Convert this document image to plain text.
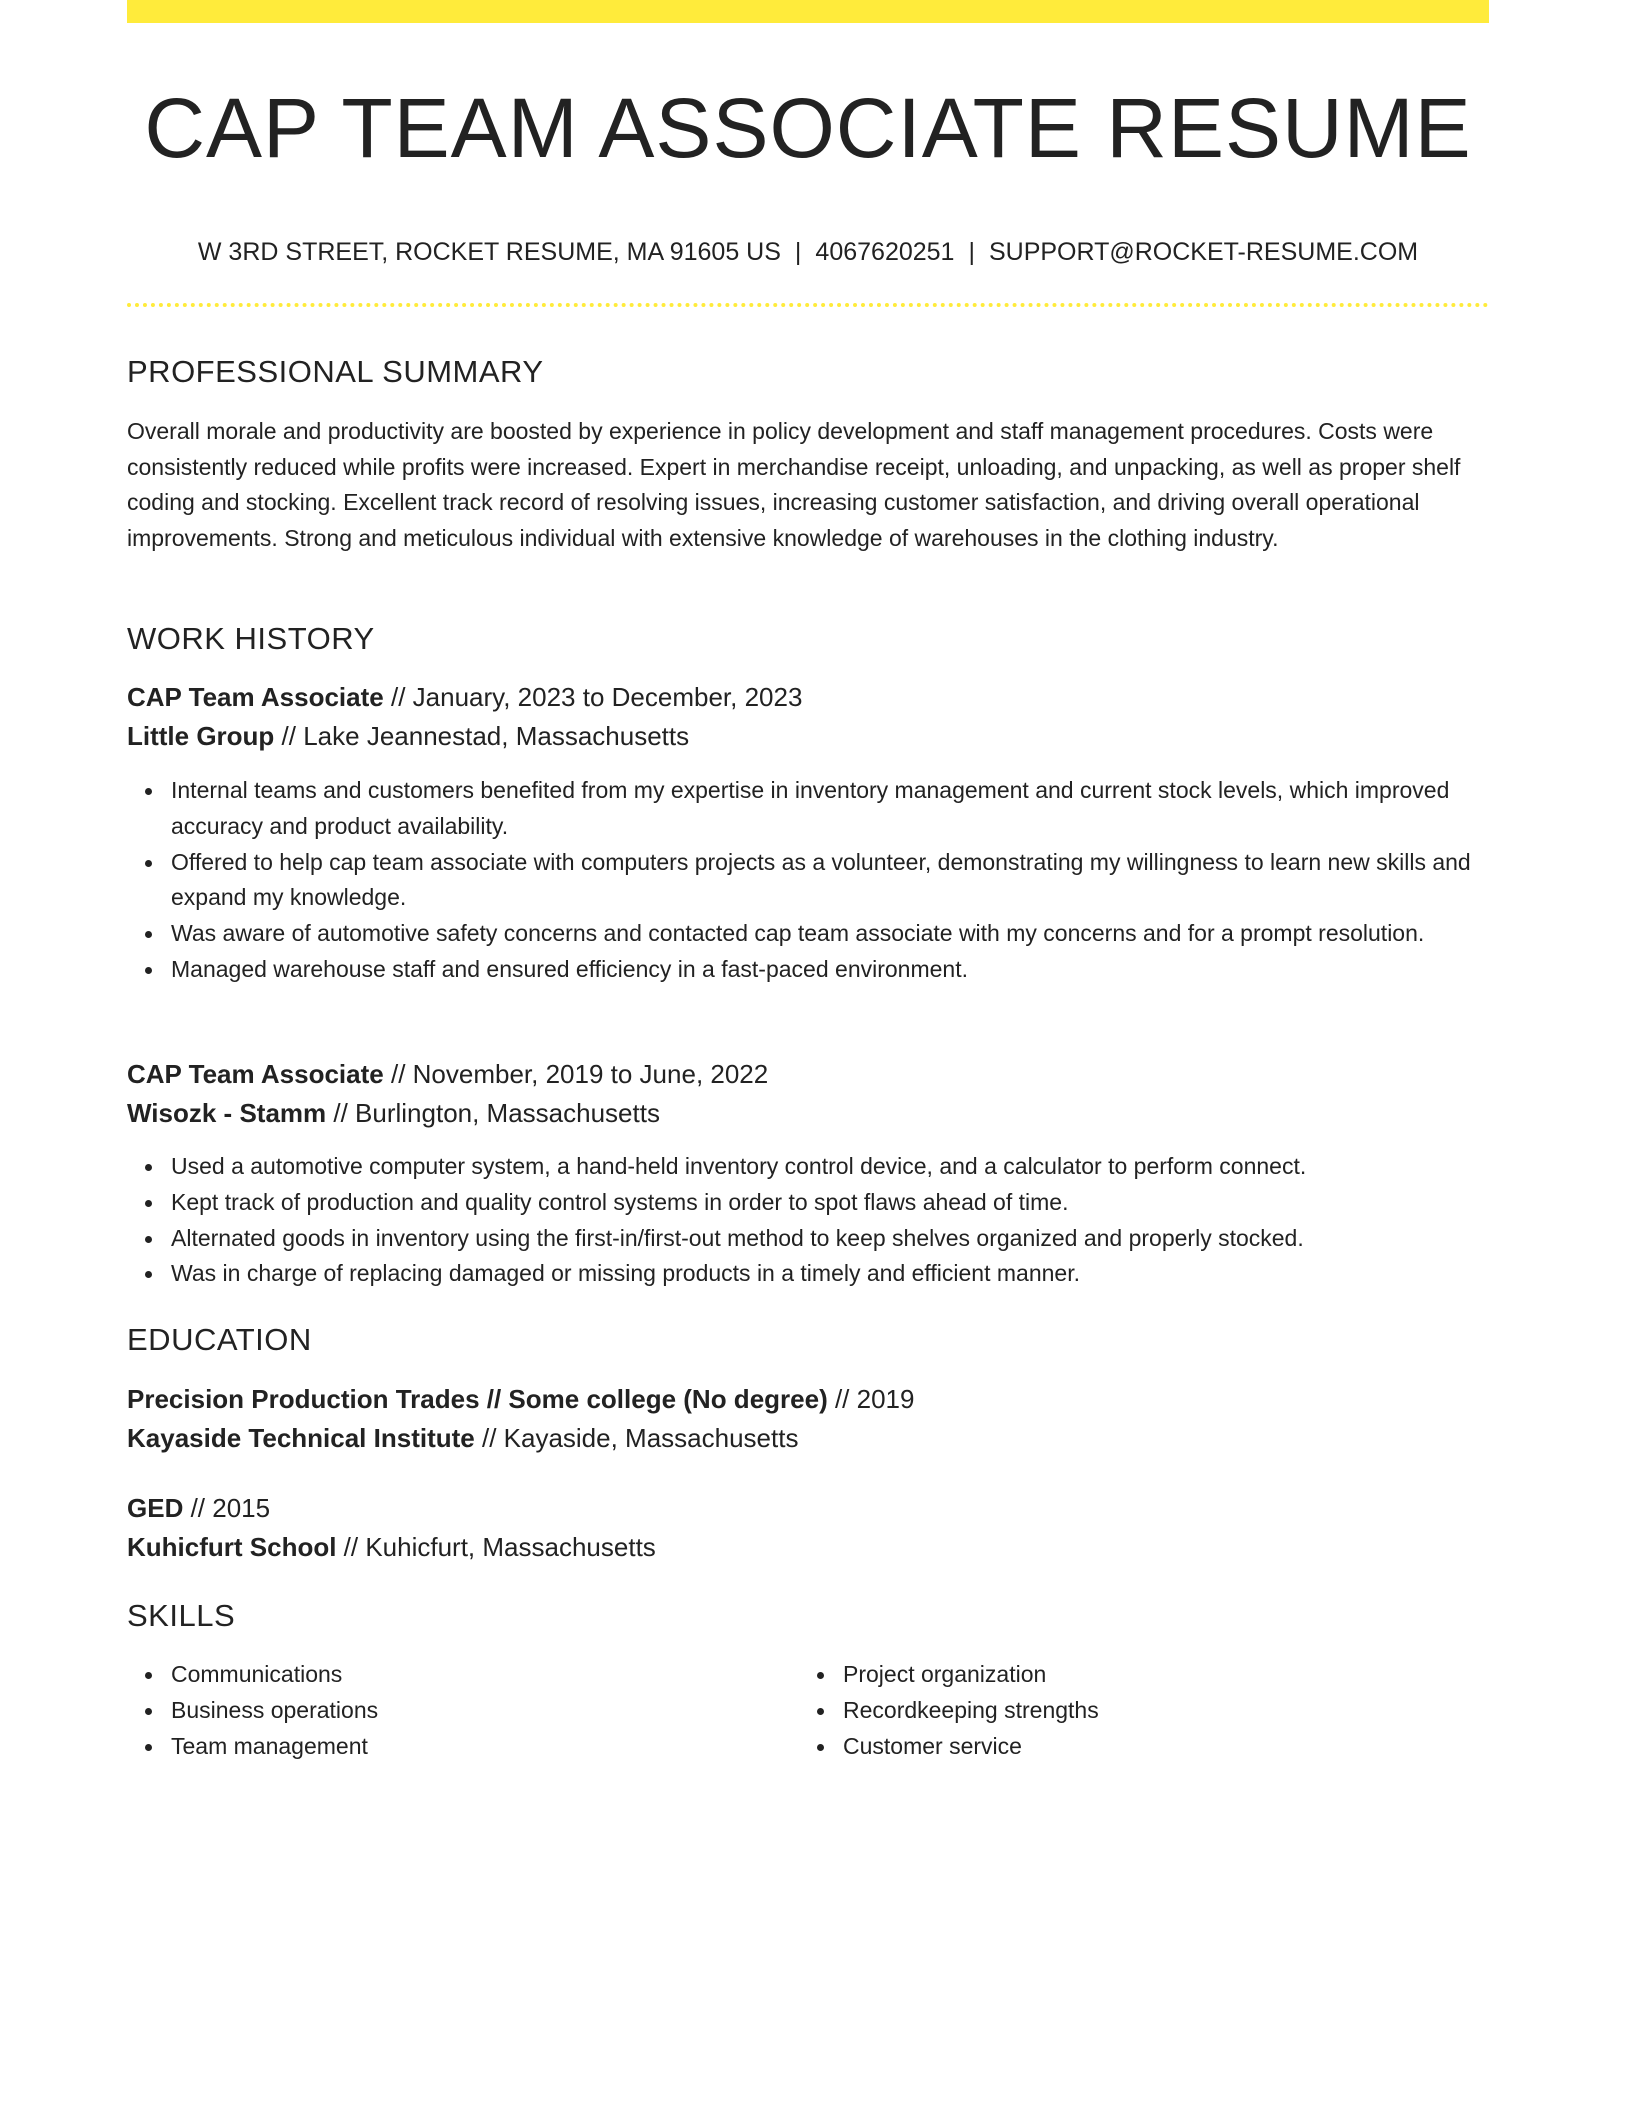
CAP TEAM ASSOCIATE RESUME
W 3RD STREET, ROCKET RESUME, MA 91605 US | 4067620251 | SUPPORT@ROCKET-RESUME.COM
PROFESSIONAL SUMMARY

Overall morale and productivity are boosted by experience in policy development and staff management procedures. Costs were consistently reduced while profits were increased. Expert in merchandise receipt, unloading, and unpacking, as well as proper shelf coding and stocking. Excellent track record of resolving issues, increasing customer satisfaction, and driving overall operational improvements. Strong and meticulous individual with extensive knowledge of warehouses in the clothing industry.

WORK HISTORY
CAP Team Associate // January, 2023 to December, 2023
Little Group // Lake Jeannestad, Massachusetts
Internal teams and customers benefited from my expertise in inventory management and current stock levels, which improved accuracy and product availability.
Offered to help cap team associate with computers projects as a volunteer, demonstrating my willingness to learn new skills and expand my knowledge.
Was aware of automotive safety concerns and contacted cap team associate with my concerns and for a prompt resolution.
Managed warehouse staff and ensured efficiency in a fast-paced environment.
CAP Team Associate // November, 2019 to June, 2022
Wisozk - Stamm // Burlington, Massachusetts
Used a automotive computer system, a hand-held inventory control device, and a calculator to perform connect.
Kept track of production and quality control systems in order to spot flaws ahead of time.
Alternated goods in inventory using the first-in/first-out method to keep shelves organized and properly stocked.
Was in charge of replacing damaged or missing products in a timely and efficient manner.
EDUCATION
Precision Production Trades // Some college (No degree) // 2019
Kayaside Technical Institute // Kayaside, Massachusetts
GED // 2015
Kuhicfurt School // Kuhicfurt, Massachusetts
SKILLS
Communications
Business operations
Team management
Project organization
Recordkeeping strengths
Customer service
